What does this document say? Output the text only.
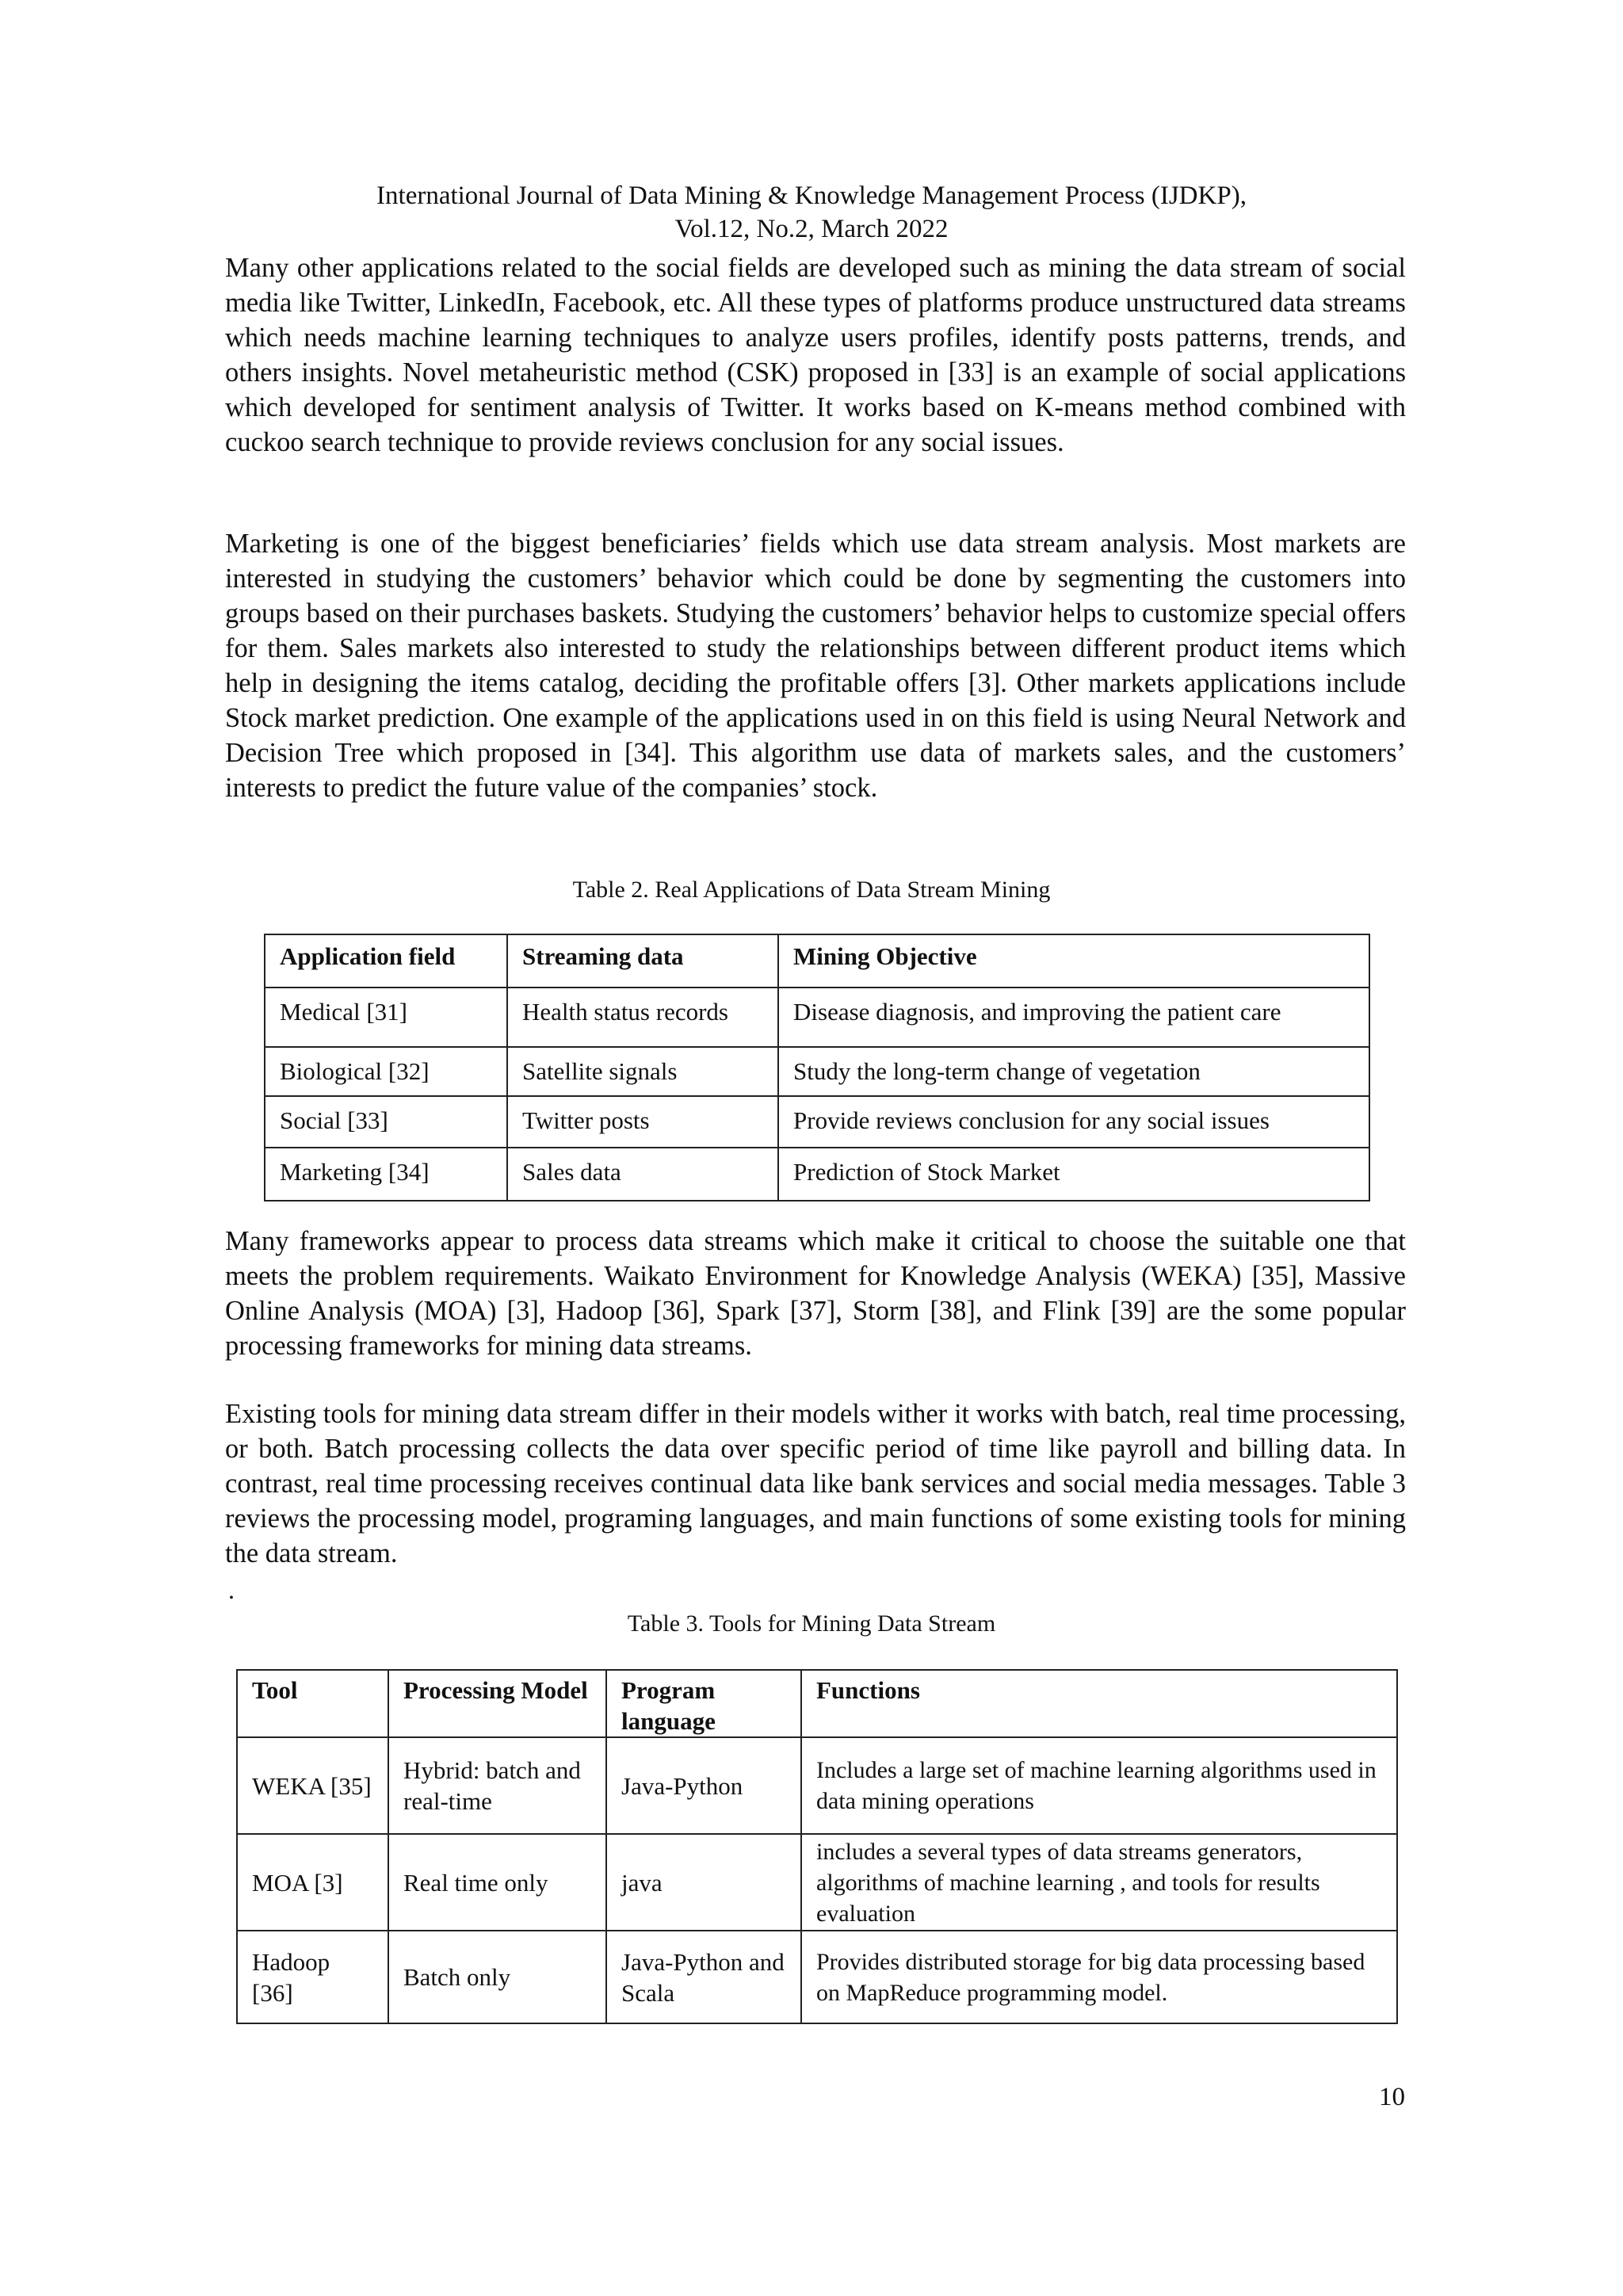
International Journal of Data Mining & Knowledge Management Process (IJDKP),
Vol.12, No.2, March 2022

Many other applications related to the social fields are developed such as mining the data stream of social media like Twitter, LinkedIn, Facebook, etc. All these types of platforms produce unstructured data streams which needs machine learning techniques to analyze users profiles, identify posts patterns, trends, and others insights. Novel metaheuristic method (CSK) proposed in [33] is an example of social applications which developed for sentiment analysis of Twitter. It works based on K-means method combined with cuckoo search technique to provide reviews conclusion for any social issues.

Marketing is one of the biggest beneficiaries’ fields which use data stream analysis. Most markets are interested in studying the customers’ behavior which could be done by segmenting the customers into groups based on their purchases baskets. Studying the customers’ behavior helps to customize special offers for them. Sales markets also interested to study the relationships between different product items which help in designing the items catalog, deciding the profitable offers [3]. Other markets applications include Stock market prediction. One example of the applications used in on this field is using Neural Network and Decision Tree which proposed in [34]. This algorithm use data of markets sales, and the customers’ interests to predict the future value of the companies’ stock.

Table 2. Real Applications of Data Stream Mining
Application field	Streaming data	Mining Objective
Medical [31]	Health status records	Disease diagnosis, and improving the patient care
Biological [32]	Satellite signals	Study the long-term change of vegetation
Social [33]	Twitter posts	Provide reviews conclusion for any social issues
Marketing [34]	Sales data	Prediction of Stock Market

Many frameworks appear to process data streams which make it critical to choose the suitable one that meets the problem requirements. Waikato Environment for Knowledge Analysis (WEKA) [35], Massive Online Analysis (MOA) [3], Hadoop [36], Spark [37], Storm [38], and Flink [39] are the some popular processing frameworks for mining data streams.

Existing tools for mining data stream differ in their models wither it works with batch, real time processing, or both. Batch processing collects the data over specific period of time like payroll and billing data. In contrast, real time processing receives continual data like bank services and social media messages. Table 3 reviews the processing model, programing languages, and main functions of some existing tools for mining the data stream.

.
Table 3. Tools for Mining Data Stream
Tool	Processing Model	Program language	Functions
WEKA [35]	Hybrid: batch and real-time	Java-Python	Includes a large set of machine learning algorithms used in data mining operations
MOA [3]	Real time only	java	includes a several types of data streams generators, algorithms of machine learning , and tools for results evaluation
Hadoop [36]	Batch only	Java-Python and Scala	Provides distributed storage for big data processing based on MapReduce programming model.
10
